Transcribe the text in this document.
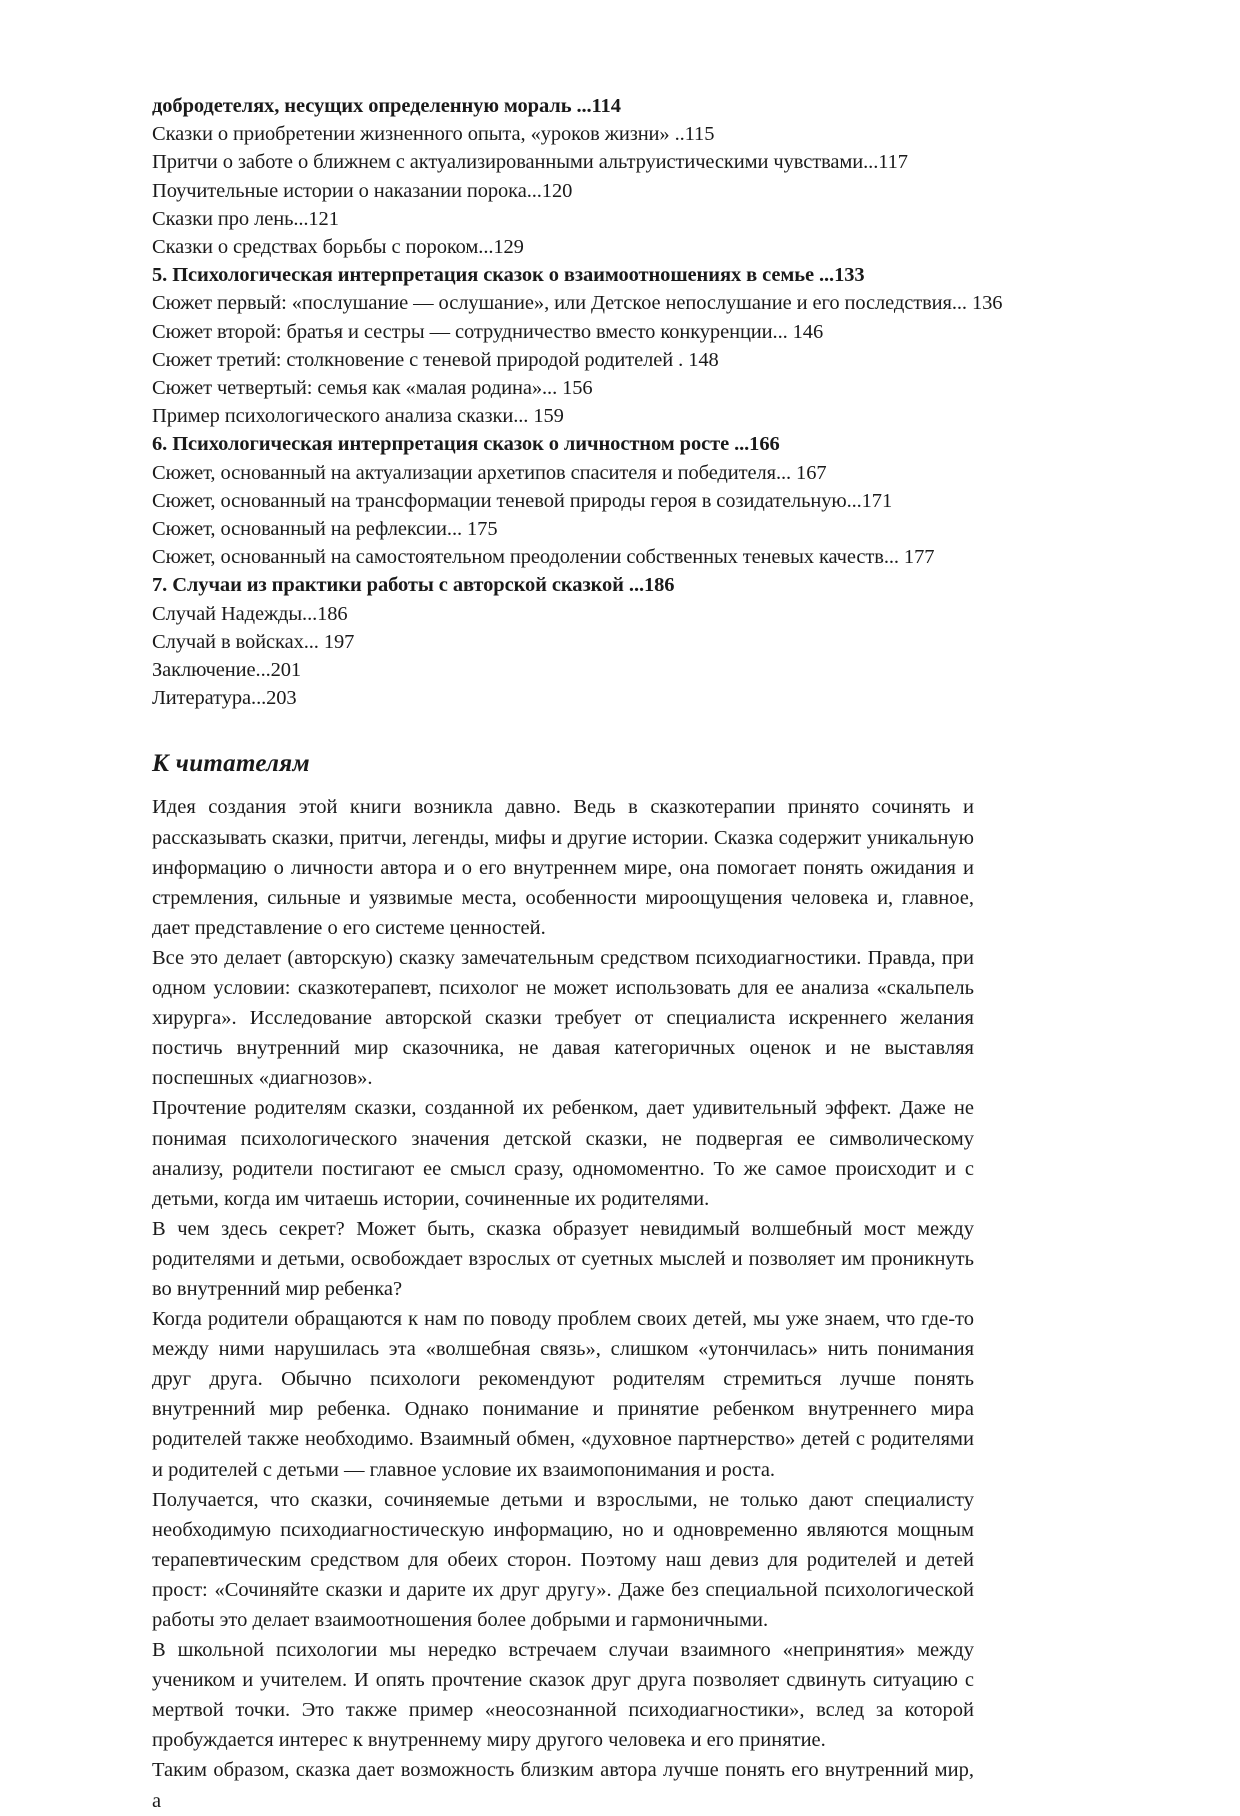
добродетелях, несущих определенную мораль ...114
Сказки о приобретении жизненного опыта, «уроков жизни» ..115
Притчи о заботе о ближнем с актуализированными альтруистическими чувствами...117
Поучительные истории о наказании порока...120
Сказки про лень...121
Сказки о средствах борьбы с пороком...129
5. Психологическая интерпретация сказок о взаимоотношениях в семье ...133
Сюжет первый: «послушание — ослушание», или Детское непослушание и его последствия... 136
Сюжет второй: братья и сестры — сотрудничество вместо конкуренции... 146
Сюжет третий: столкновение с теневой природой родителей . 148
Сюжет четвертый: семья как «малая родина»... 156
Пример психологического анализа сказки... 159
6. Психологическая интерпретация сказок о личностном росте ...166
Сюжет, основанный на актуализации архетипов спасителя и победителя... 167
Сюжет, основанный на трансформации теневой природы героя в созидательную...171
Сюжет, основанный на рефлексии... 175
Сюжет, основанный на самостоятельном преодолении собственных теневых качеств... 177
7. Случаи из практики работы с авторской сказкой ...186
Случай Надежды...186
Случай в войсках... 197
Заключение...201
Литература...203
К читателям

Идея создания этой книги возникла давно. Ведь в сказкотерапии принято сочинять и рассказывать сказки, притчи, легенды, мифы и другие истории. Сказка содержит уникальную информацию о личности автора и о его внутреннем мире, она помогает понять ожидания и стремления, сильные и уязвимые места, особенности мироощущения человека и, главное, дает представление о его системе ценностей.

Все это делает (авторскую) сказку замечательным средством психодиагностики. Правда, при одном условии: сказкотерапевт, психолог не может использовать для ее анализа «скальпель хирурга». Исследование авторской сказки требует от специалиста искреннего желания постичь внутренний мир сказочника, не давая категоричных оценок и не выставляя поспешных «диагнозов».

Прочтение родителям сказки, созданной их ребенком, дает удивительный эффект. Даже не понимая психологического значения детской сказки, не подвергая ее символическому анализу, родители постигают ее смысл сразу, одномоментно. То же самое происходит и с детьми, когда им читаешь истории, сочиненные их родителями.

В чем здесь секрет? Может быть, сказка образует невидимый волшебный мост между родителями и детьми, освобождает взрослых от суетных мыслей и позволяет им проникнуть во внутренний мир ребенка?

Когда родители обращаются к нам по поводу проблем своих детей, мы уже знаем, что где-то между ними нарушилась эта «волшебная связь», слишком «утончилась» нить понимания друг друга. Обычно психологи рекомендуют родителям стремиться лучше понять внутренний мир ребенка. Однако понимание и принятие ребенком внутреннего мира родителей также необходимо. Взаимный обмен, «духовное партнерство» детей с родителями и родителей с детьми — главное условие их взаимопонимания и роста.

Получается, что сказки, сочиняемые детьми и взрослыми, не только дают специалисту необходимую психодиагностическую информацию, но и одновременно являются мощным терапевтическим средством для обеих сторон. Поэтому наш девиз для родителей и детей прост: «Сочиняйте сказки и дарите их друг другу». Даже без специальной психологической работы это делает взаимоотношения более добрыми и гармоничными.

В школьной психологии мы нередко встречаем случаи взаимного «непринятия» между учеником и учителем. И опять прочтение сказок друг друга позволяет сдвинуть ситуацию с мертвой точки. Это также пример «неосознанной психодиагностики», вслед за которой пробуждается интерес к внутреннему миру другого человека и его принятие.

Таким образом, сказка дает возможность близким автора лучше понять его внутренний мир, а
